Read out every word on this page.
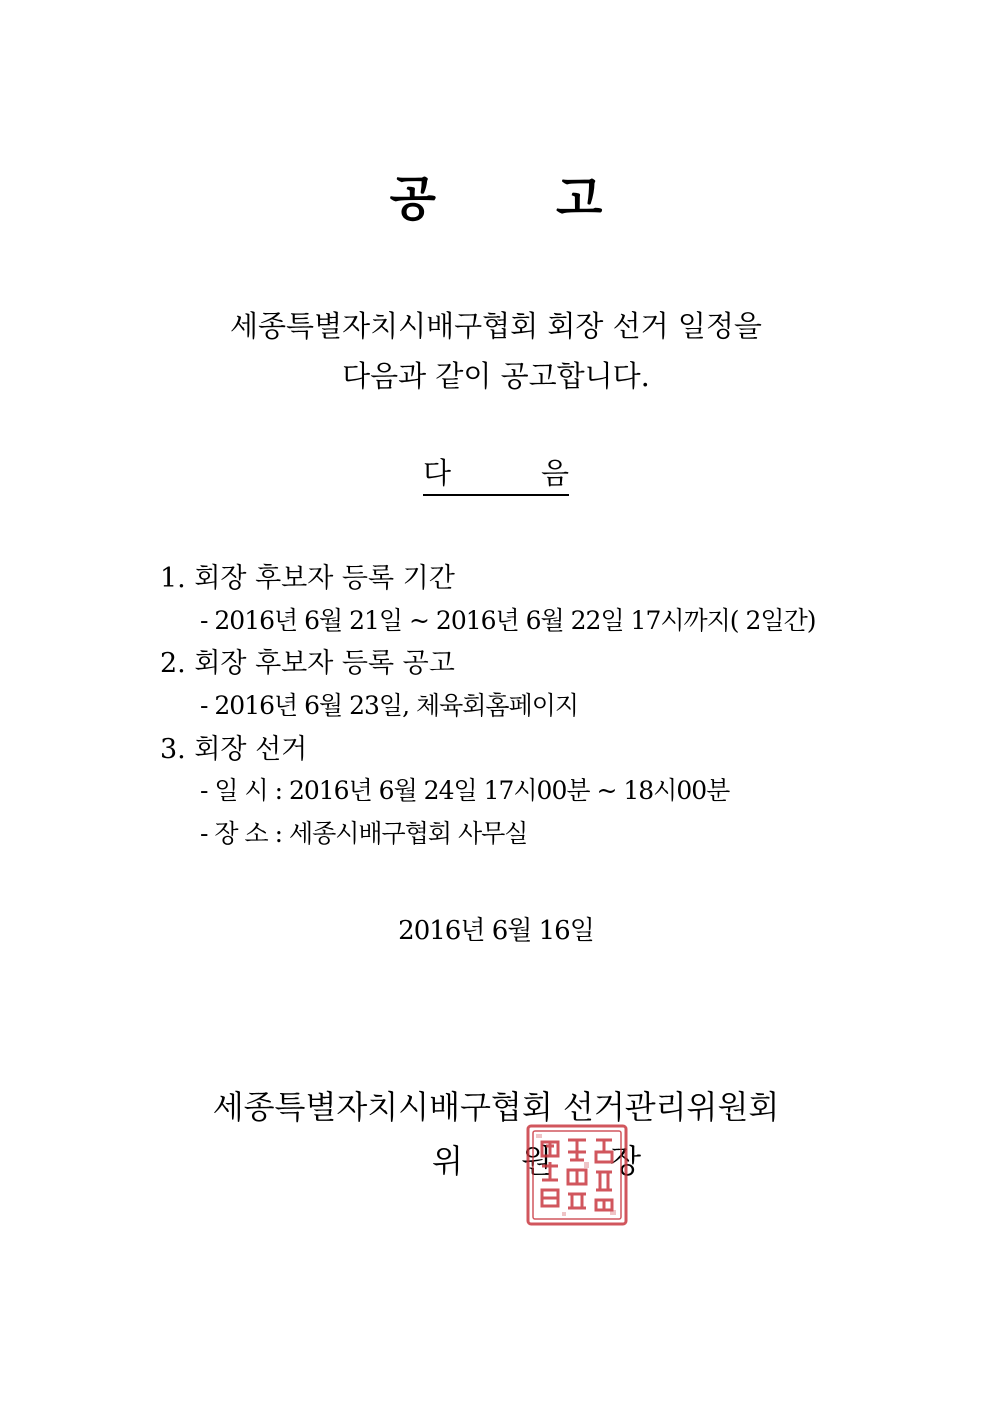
공	고
세종특별자치시배구협회 회장 선거 일정을
다음과 같이 공고합니다.
다	음
1. 회장 후보자 등록 기간
- 2016년 6월 21일 ~ 2016년 6월 22일 17시까지( 2일간)
2. 회장 후보자 등록 공고
- 2016년 6월 23일, 체육회홈페이지
3. 회장 선거
- 일 시 : 2016년 6월 24일 17시00분 ~ 18시00분
- 장 소 : 세종시배구협회 사무실
2016년 6월 16일
세종특별자치시배구협회 선거관리위원회
위 원 장
